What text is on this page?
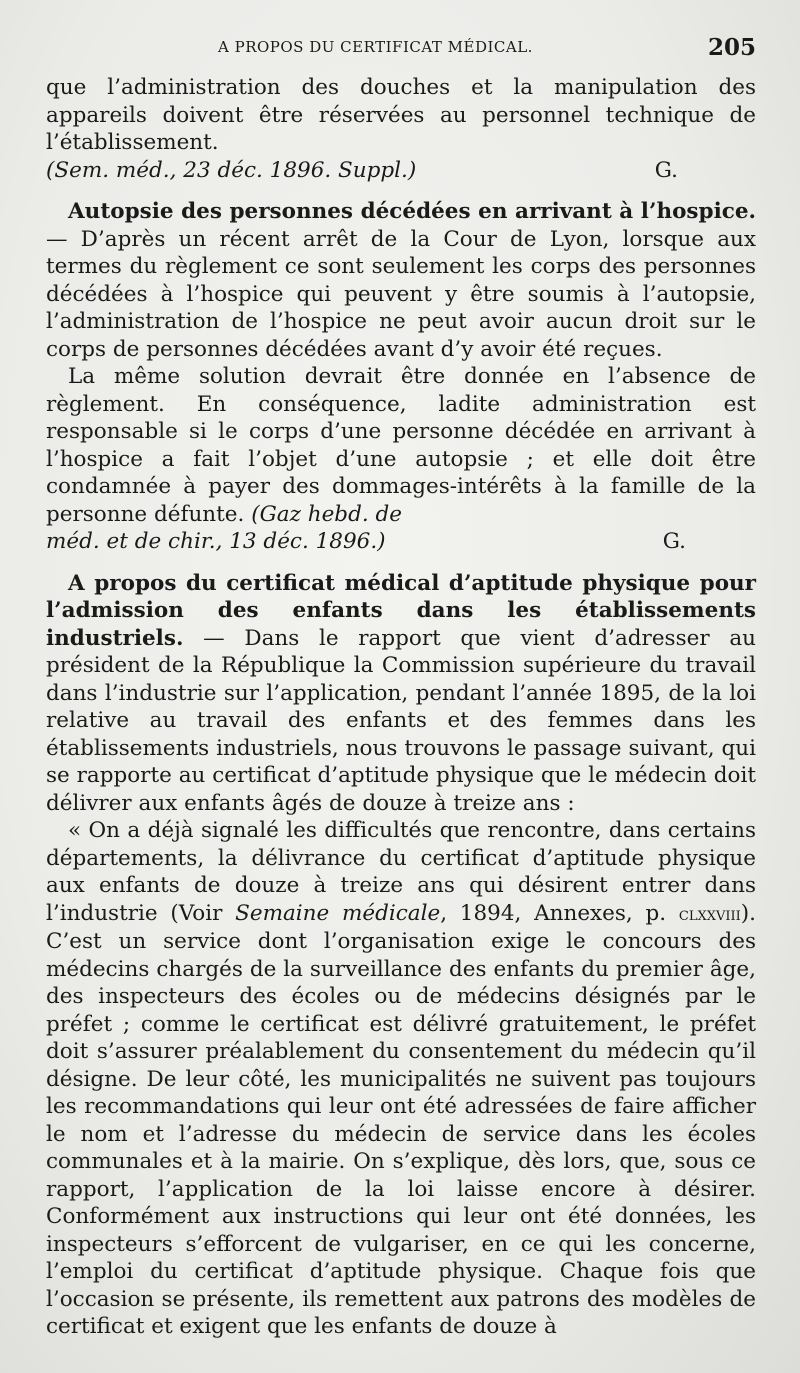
A PROPOS DU CERTIFICAT MÉDICAL.	205

que l’administration des douches et la manipulation des appareils doivent être réservées au personnel technique de l’établissement.

(Sem. méd., 23 déc. 1896. Suppl.)	G.

Autopsie des personnes décédées en arrivant à l’hospice. — D’après un récent arrêt de la Cour de Lyon, lorsque aux termes du règlement ce sont seulement les corps des personnes décédées à l’hospice qui peuvent y être soumis à l’autopsie, l’administration de l’hospice ne peut avoir aucun droit sur le corps de personnes décédées avant d’y avoir été reçues.

La même solution devrait être donnée en l’absence de règlement. En conséquence, ladite administration est responsable si le corps d’une personne décédée en arrivant à l’hospice a fait l’objet d’une autopsie ; et elle doit être condamnée à payer des dommages-intérêts à la famille de la personne défunte. (Gaz hebd. de

méd. et de chir., 13 déc. 1896.)	G.

A propos du certificat médical d’aptitude physique pour l’admission des enfants dans les établissements industriels. — Dans le rapport que vient d’adresser au président de la République la Commission supérieure du travail dans l’industrie sur l’application, pendant l’année 1895, de la loi relative au travail des enfants et des femmes dans les établissements industriels, nous trouvons le passage suivant, qui se rapporte au certificat d’aptitude physique que le médecin doit délivrer aux enfants âgés de douze à treize ans :

« On a déjà signalé les difficultés que rencontre, dans certains départements, la délivrance du certificat d’aptitude physique aux enfants de douze à treize ans qui désirent entrer dans l’industrie (Voir Semaine médicale, 1894, Annexes, p. clxxviii). C’est un service dont l’organisation exige le concours des médecins chargés de la surveillance des enfants du premier âge, des inspecteurs des écoles ou de médecins désignés par le préfet ; comme le certificat est délivré gratuitement, le préfet doit s’assurer préalablement du consentement du médecin qu’il désigne. De leur côté, les municipalités ne suivent pas toujours les recommandations qui leur ont été adressées de faire afficher le nom et l’adresse du médecin de service dans les écoles communales et à la mairie. On s’explique, dès lors, que, sous ce rapport, l’application de la loi laisse encore à désirer. Conformément aux instructions qui leur ont été données, les inspecteurs s’efforcent de vulgariser, en ce qui les concerne, l’emploi du certificat d’aptitude physique. Chaque fois que l’occasion se présente, ils remettent aux patrons des modèles de certificat et exigent que les enfants de douze à
